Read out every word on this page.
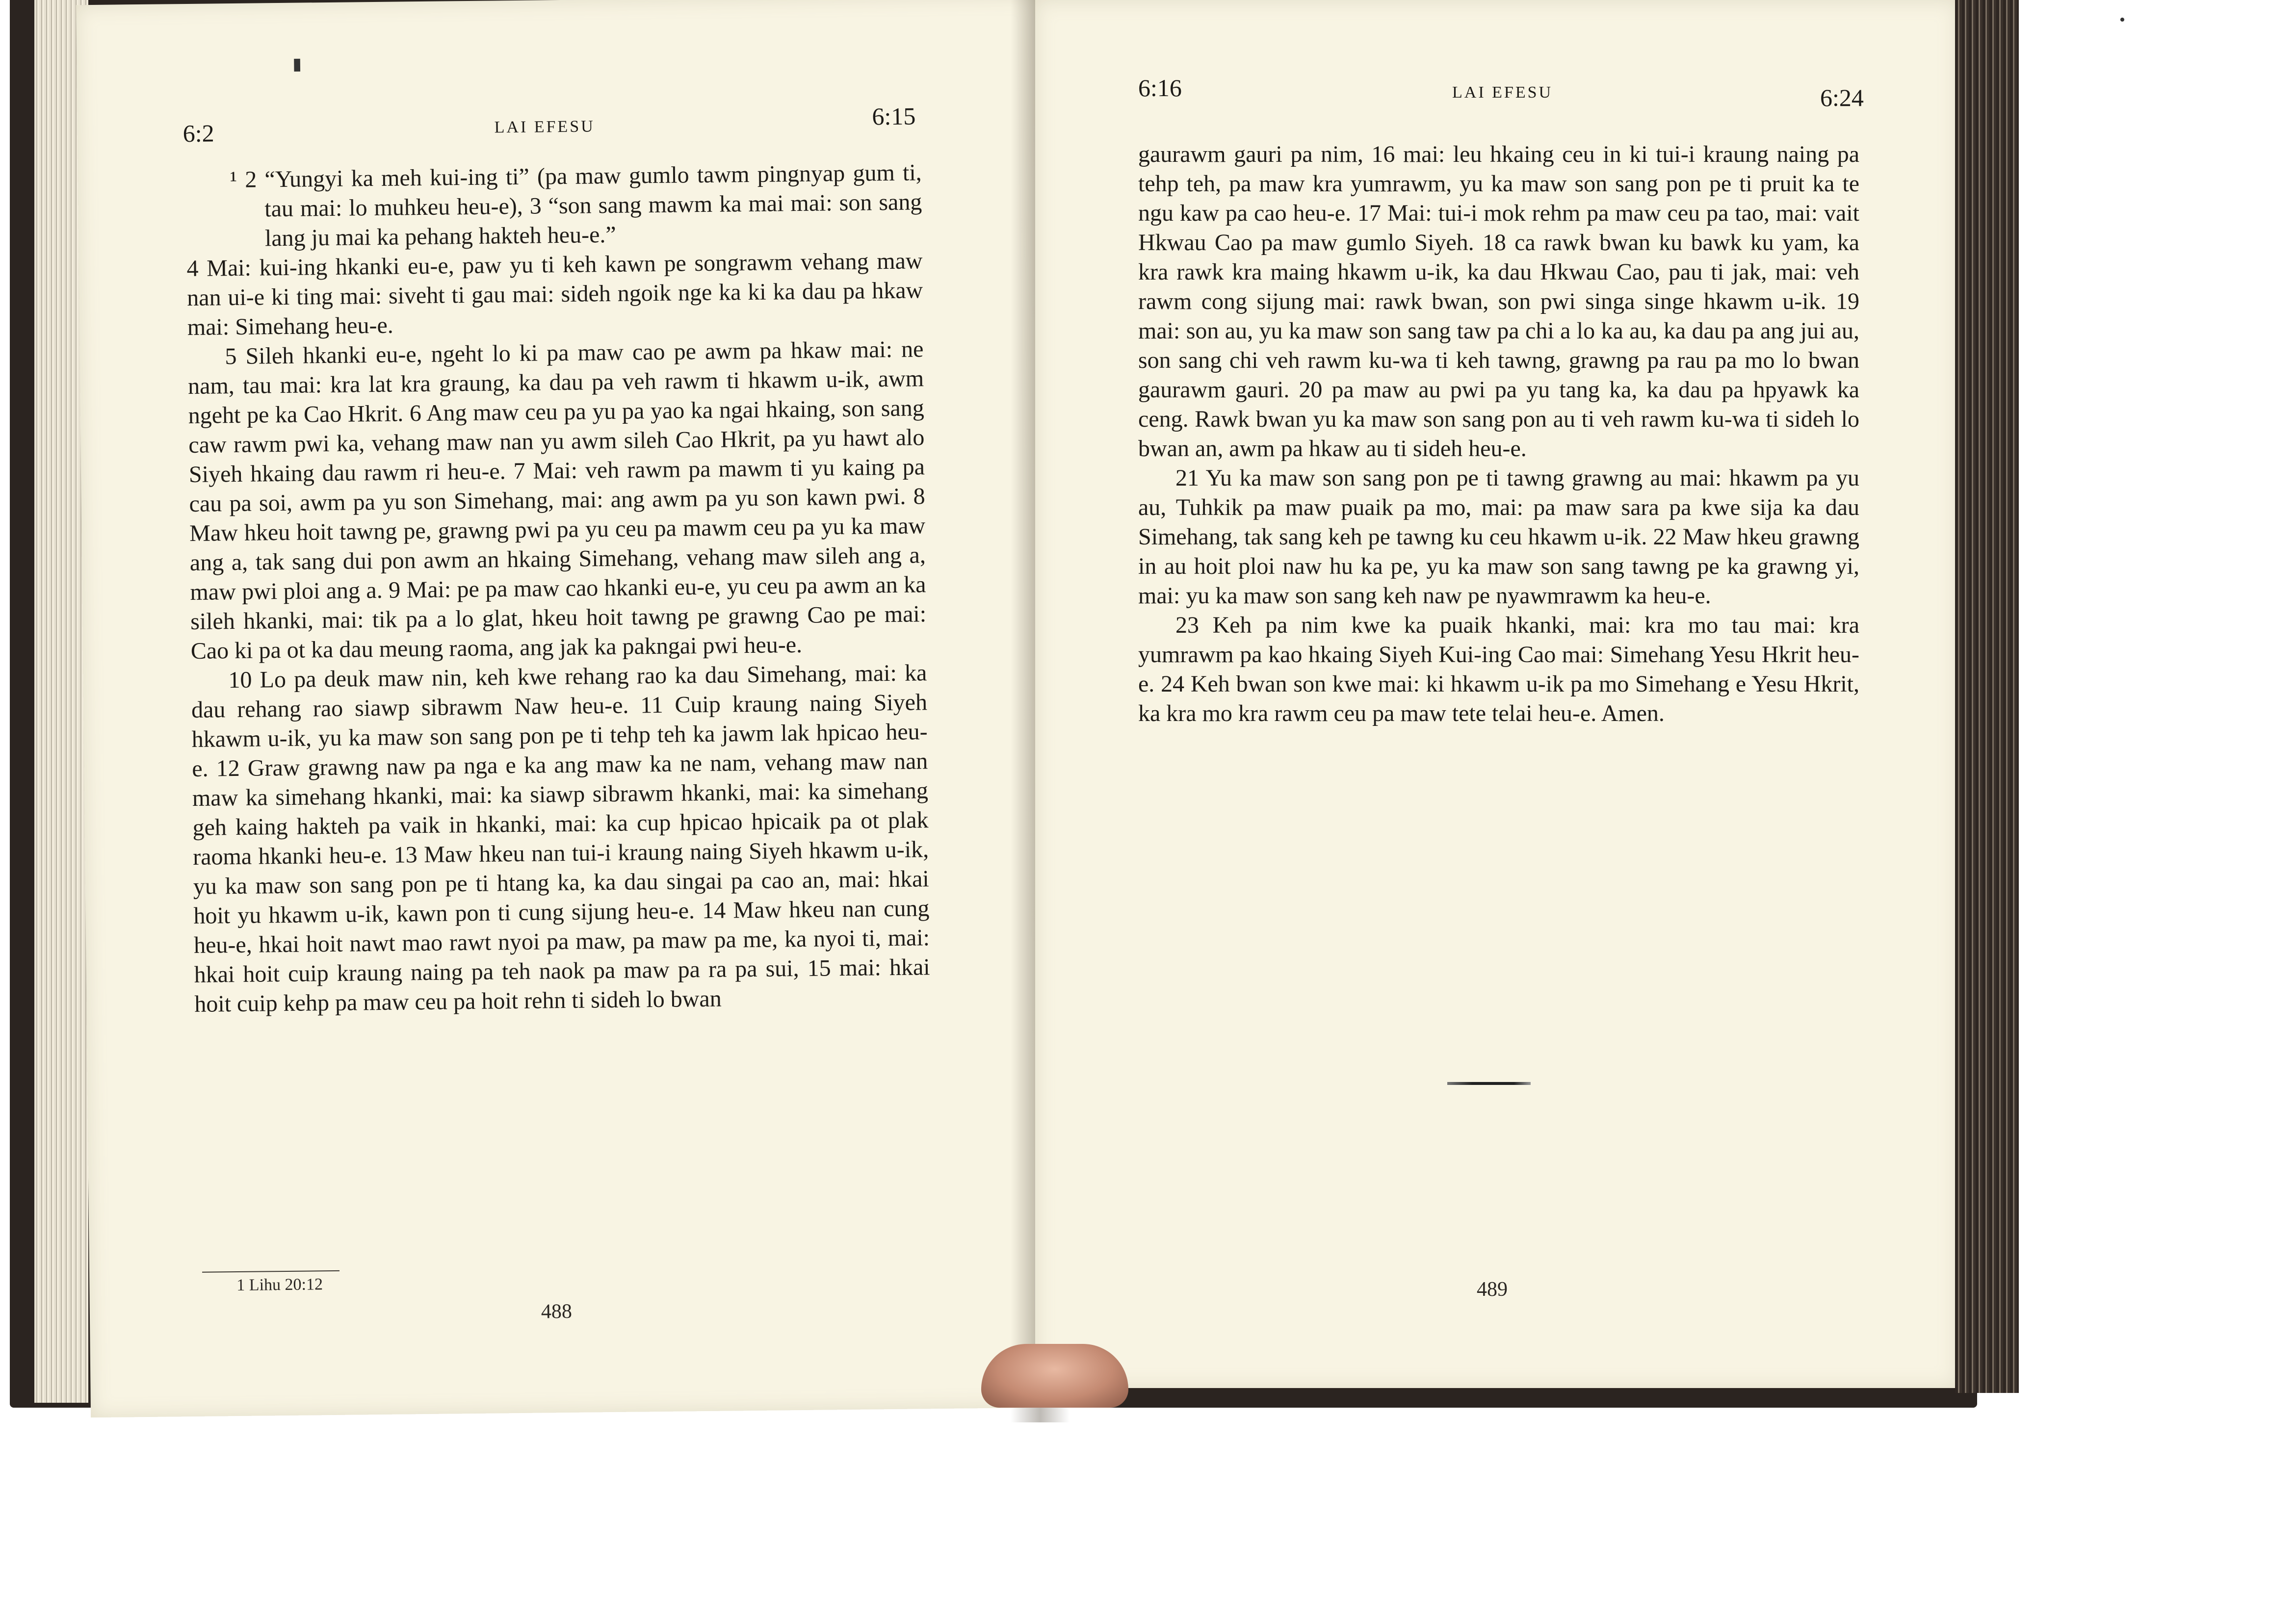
▮
6:2	LAI EFESU	6:15

¹ 2 “Yungyi ka meh kui-ing ti” (pa maw gumlo tawm pingnyap gum ti, tau mai: lo muhkeu heu-e), 3 “son sang mawm ka mai mai: son sang lang ju mai ka pehang hakteh heu-e.”

4 Mai: kui-ing hkanki eu-e, paw yu ti keh kawn pe songrawm vehang maw nan ui-e ki ting mai: siveht ti gau mai: sideh ngoik nge ka ki ka dau pa hkaw mai: Simehang heu-e.

5 Sileh hkanki eu-e, ngeht lo ki pa maw cao pe awm pa hkaw mai: ne nam, tau mai: kra lat kra graung, ka dau pa veh rawm ti hkawm u-ik, awm ngeht pe ka Cao Hkrit. 6 Ang maw ceu pa yu pa yao ka ngai hkaing, son sang caw rawm pwi ka, vehang maw nan yu awm sileh Cao Hkrit, pa yu hawt alo Siyeh hkaing dau rawm ri heu-e. 7 Mai: veh rawm pa mawm ti yu kaing pa cau pa soi, awm pa yu son Simehang, mai: ang awm pa yu son kawn pwi. 8 Maw hkeu hoit tawng pe, grawng pwi pa yu ceu pa mawm ceu pa yu ka maw ang a, tak sang dui pon awm an hkaing Simehang, vehang maw sileh ang a, maw pwi ploi ang a. 9 Mai: pe pa maw cao hkanki eu-e, yu ceu pa awm an ka sileh hkanki, mai: tik pa a lo glat, hkeu hoit tawng pe grawng Cao pe mai: Cao ki pa ot ka dau meung raoma, ang jak ka pakngai pwi heu-e.

10 Lo pa deuk maw nin, keh kwe rehang rao ka dau Simehang, mai: ka dau rehang rao siawp sibrawm Naw heu-e. 11 Cuip kraung naing Siyeh hkawm u-ik, yu ka maw son sang pon pe ti tehp teh ka jawm lak hpicao heu-e. 12 Graw grawng naw pa nga e ka ang maw ka ne nam, vehang maw nan maw ka simehang hkanki, mai: ka siawp sibrawm hkanki, mai: ka simehang geh kaing hakteh pa vaik in hkanki, mai: ka cup hpicao hpicaik pa ot plak raoma hkanki heu-e. 13 Maw hkeu nan tui-i kraung naing Siyeh hkawm u-ik, yu ka maw son sang pon pe ti htang ka, ka dau singai pa cao an, mai: hkai hoit yu hkawm u-ik, kawn pon ti cung sijung heu-e. 14 Maw hkeu nan cung heu-e, hkai hoit nawt mao rawt nyoi pa maw, pa maw pa me, ka nyoi ti, mai: hkai hoit cuip kraung naing pa teh naok pa maw pa ra pa sui, 15 mai: hkai hoit cuip kehp pa maw ceu pa hoit rehn ti sideh lo bwan

1 Lihu 20:12
488
6:16	LAI EFESU	6:24

gaurawm gauri pa nim, 16 mai: leu hkaing ceu in ki tui-i kraung naing pa tehp teh, pa maw kra yumrawm, yu ka maw son sang pon pe ti pruit ka te ngu kaw pa cao heu-e. 17 Mai: tui-i mok rehm pa maw ceu pa tao, mai: vait Hkwau Cao pa maw gumlo Siyeh. 18 ca rawk bwan ku bawk ku yam, ka kra rawk kra maing hkawm u-ik, ka dau Hkwau Cao, pau ti jak, mai: veh rawm cong sijung mai: rawk bwan, son pwi singa singe hkawm u-ik. 19 mai: son au, yu ka maw son sang taw pa chi a lo ka au, ka dau pa ang jui au, son sang chi veh rawm ku-wa ti keh tawng, grawng pa rau pa mo lo bwan gaurawm gauri. 20 pa maw au pwi pa yu tang ka, ka dau pa hpyawk ka ceng. Rawk bwan yu ka maw son sang pon au ti veh rawm ku-wa ti sideh lo bwan an, awm pa hkaw au ti sideh heu-e.

21 Yu ka maw son sang pon pe ti tawng grawng au mai: hkawm pa yu au, Tuhkik pa maw puaik pa mo, mai: pa maw sara pa kwe sija ka dau Simehang, tak sang keh pe tawng ku ceu hkawm u-ik. 22 Maw hkeu grawng in au hoit ploi naw hu ka pe, yu ka maw son sang tawng pe ka grawng yi, mai: yu ka maw son sang keh naw pe nyawmrawm ka heu-e.

23 Keh pa nim kwe ka puaik hkanki, mai: kra mo tau mai: kra yumrawm pa kao hkaing Siyeh Kui-ing Cao mai: Simehang Yesu Hkrit heu-e. 24 Keh bwan son kwe mai: ki hkawm u-ik pa mo Simehang e Yesu Hkrit, ka kra mo kra rawm ceu pa maw tete telai heu-e. Amen.

489
•
